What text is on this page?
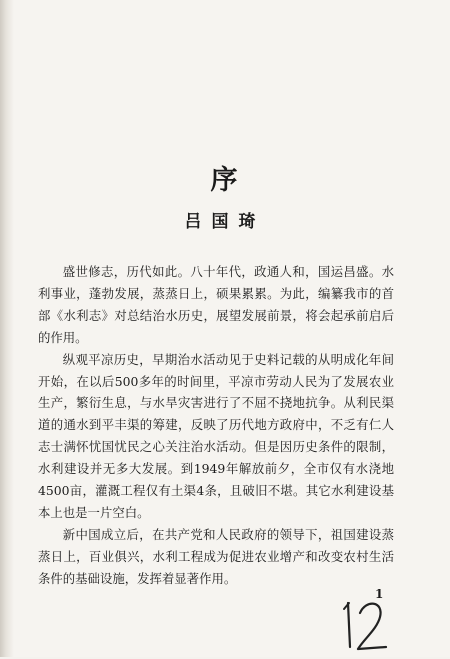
序
吕国琦

盛世修志，历代如此。八十年代，政通人和，国运昌盛。水利事业，蓬勃发展，蒸蒸日上，硕果累累。为此，编纂我市的首部《水利志》对总结治水历史，展望发展前景，将会起承前启后的作用。

纵观平凉历史，早期治水活动见于史料记载的从明成化年间开始，在以后500多年的时间里，平凉市劳动人民为了发展农业生产，繁衍生息，与水旱灾害进行了不屈不挠地抗争。从利民渠道的通水到平丰渠的筹建，反映了历代地方政府中，不乏有仁人志士满怀忧国忧民之心关注治水活动。但是因历史条件的限制，水利建设并无多大发展。到1949年解放前夕，全市仅有水浇地4500亩，灌溉工程仅有土渠4条，且破旧不堪。其它水利建设基本上也是一片空白。

新中国成立后，在共产党和人民政府的领导下，祖国建设蒸蒸日上，百业俱兴，水利工程成为促进农业增产和改变农村生活条件的基础设施，发挥着显著作用。

1
